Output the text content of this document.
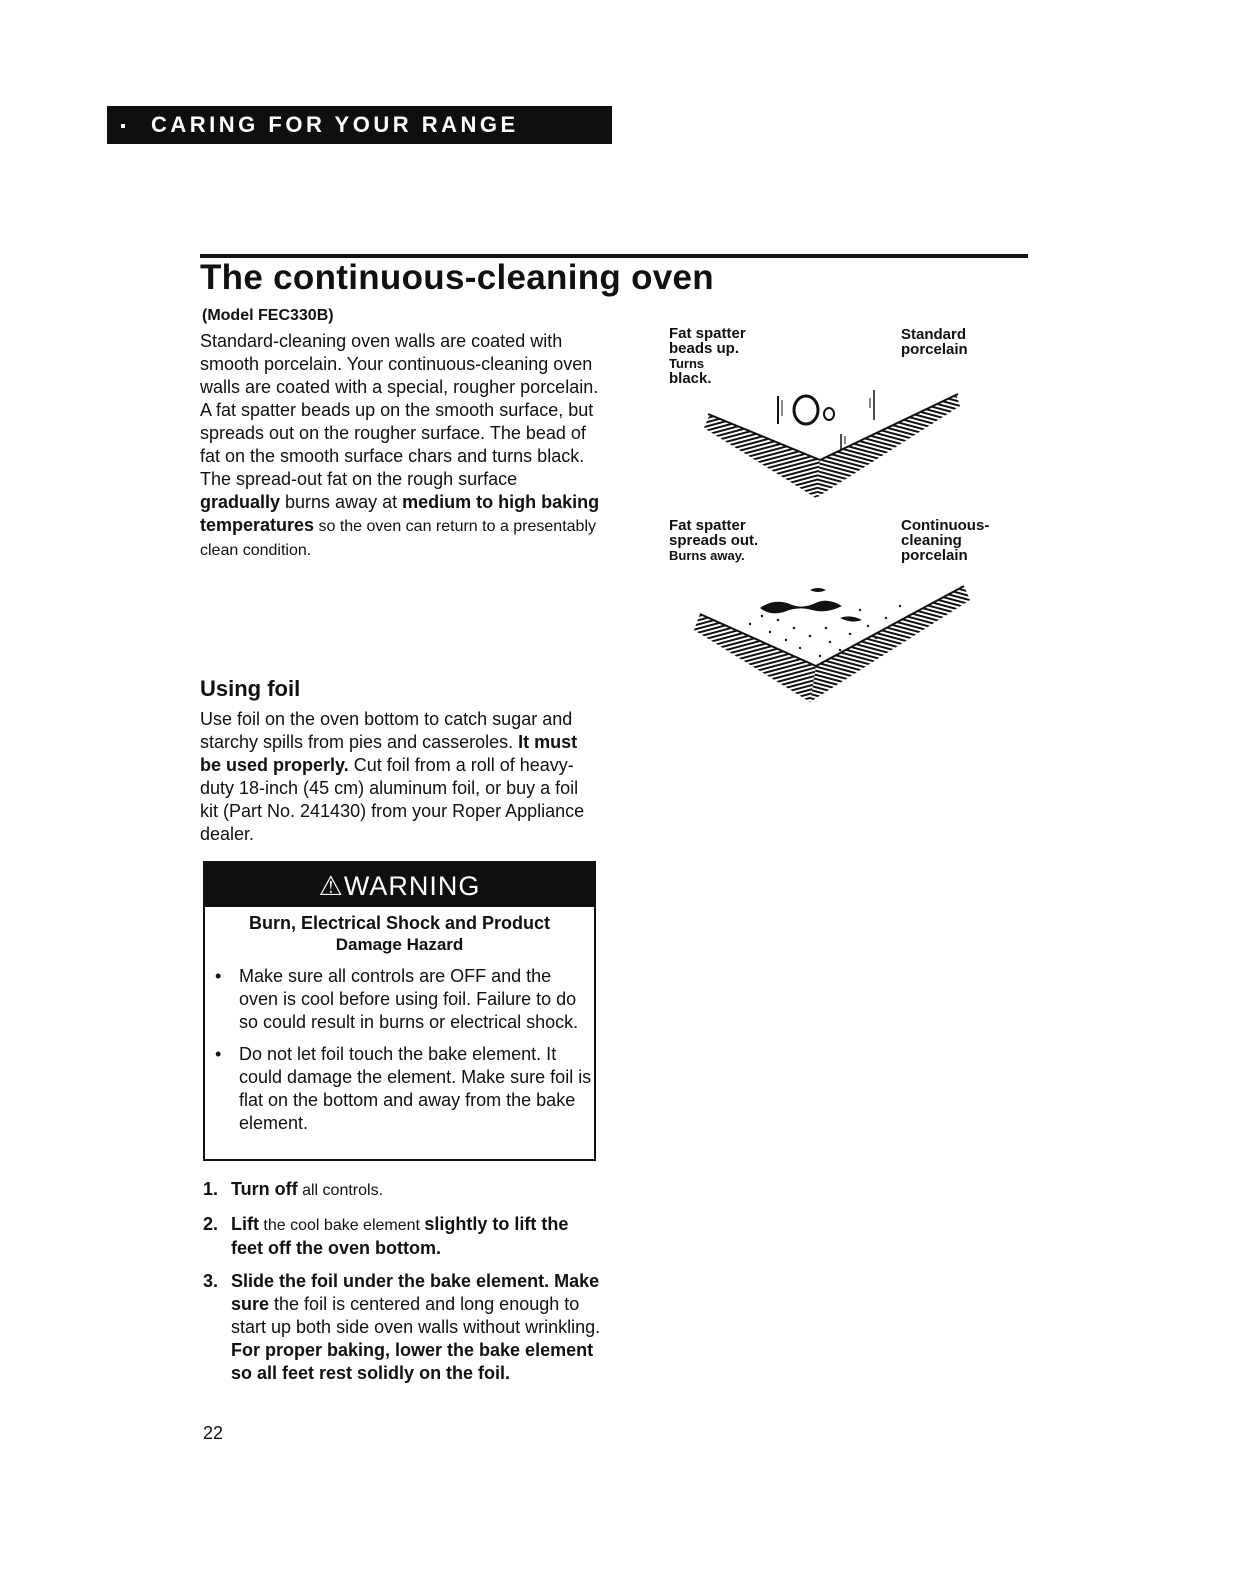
CARING FOR YOUR RANGE
The continuous-cleaning oven
(Model FEC330B)

Standard-cleaning oven walls are coated with smooth porcelain. Your continuous-cleaning oven walls are coated with a special, rougher porcelain. A fat spatter beads up on the smooth surface, but spreads out on the rougher surface. The bead of fat on the smooth surface chars and turns black. The spread-out fat on the rough surface gradually burns away at medium to high baking temperatures so the oven can return to a presentably clean condition.

Fat spatter
beads up.
Turns
black.
Standard
porcelain
Fat spatter
spreads out.
Burns away.
Continuous-
cleaning
porcelain
Using foil

Use foil on the oven bottom to catch sugar and starchy spills from pies and casseroles. It must be used properly. Cut foil from a roll of heavy-duty 18-inch (45 cm) aluminum foil, or buy a foil kit (Part No. 241430) from your Roper Appliance dealer.

⚠WARNING
Burn, Electrical Shock and Product
Damage Hazard
• Make sure all controls are OFF and the oven is cool before using foil. Failure to do so could result in burns or electrical shock.
• Do not let foil touch the bake element. It could damage the element. Make sure foil is flat on the bottom and away from the bake element.
1. Turn off all controls.
2. Lift the cool bake element slightly to lift the feet off the oven bottom.
3. Slide the foil under the bake element. Make sure the foil is centered and long enough to start up both side oven walls without wrinkling. For proper baking, lower the bake element so all feet rest solidly on the foil.
22
